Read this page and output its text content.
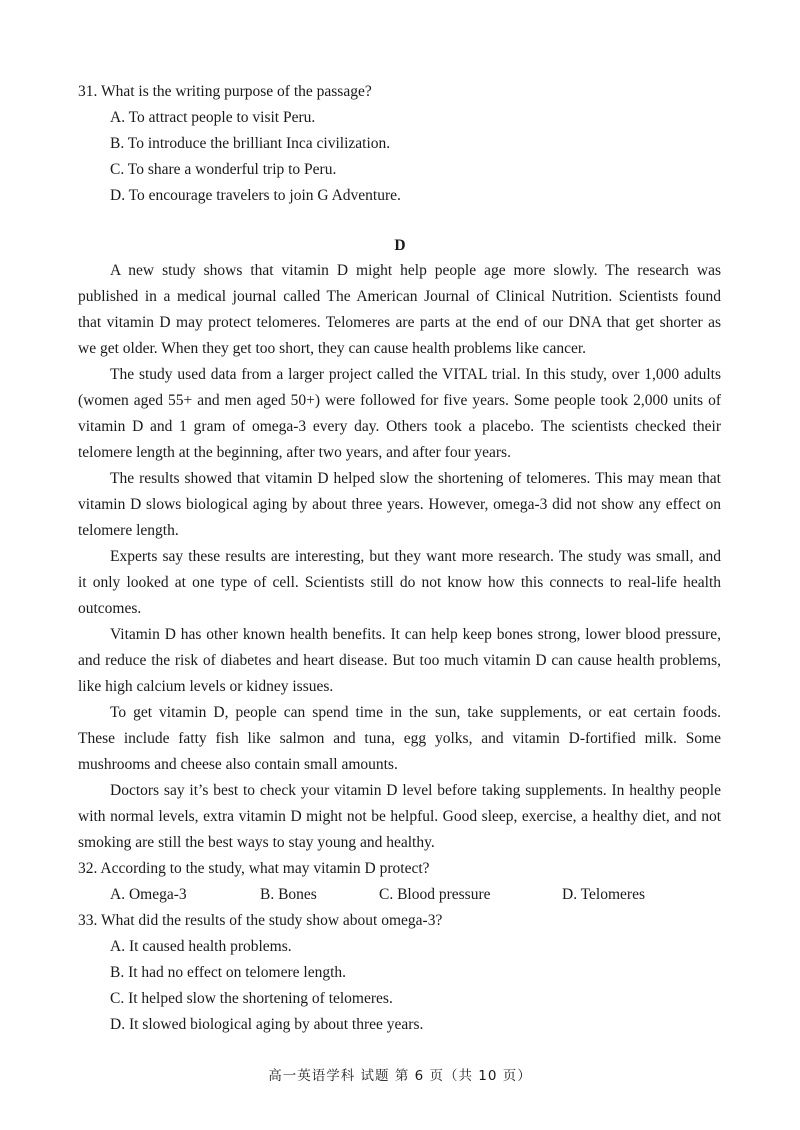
31. What is the writing purpose of the passage?
A. To attract people to visit Peru.
B. To introduce the brilliant Inca civilization.
C. To share a wonderful trip to Peru.
D. To encourage travelers to join G Adventure.
D
A new study shows that vitamin D might help people age more slowly. The research was
published in a medical journal called The American Journal of Clinical Nutrition. Scientists found
that vitamin D may protect telomeres. Telomeres are parts at the end of our DNA that get shorter as
we get older. When they get too short, they can cause health problems like cancer.
The study used data from a larger project called the VITAL trial. In this study, over 1,000 adults
(women aged 55+ and men aged 50+) were followed for five years. Some people took 2,000 units of
vitamin D and 1 gram of omega-3 every day. Others took a placebo. The scientists checked their
telomere length at the beginning, after two years, and after four years.
The results showed that vitamin D helped slow the shortening of telomeres. This may mean that
vitamin D slows biological aging by about three years. However, omega-3 did not show any effect on
telomere length.
Experts say these results are interesting, but they want more research. The study was small, and
it only looked at one type of cell. Scientists still do not know how this connects to real-life health
outcomes.
Vitamin D has other known health benefits. It can help keep bones strong, lower blood pressure,
and reduce the risk of diabetes and heart disease. But too much vitamin D can cause health problems,
like high calcium levels or kidney issues.
To get vitamin D, people can spend time in the sun, take supplements, or eat certain foods.
These include fatty fish like salmon and tuna, egg yolks, and vitamin D-fortified milk. Some
mushrooms and cheese also contain small amounts.
Doctors say it’s best to check your vitamin D level before taking supplements. In healthy people
with normal levels, extra vitamin D might not be helpful. Good sleep, exercise, a healthy diet, and not
smoking are still the best ways to stay young and healthy.
32. According to the study, what may vitamin D protect?
A. Omega-3	B. Bones	C. Blood pressure	D. Telomeres
33. What did the results of the study show about omega-3?
A. It caused health problems.
B. It had no effect on telomere length.
C. It helped slow the shortening of telomeres.
D. It slowed biological aging by about three years.
高一英语学科 试题 第 6 页（共 10 页）
